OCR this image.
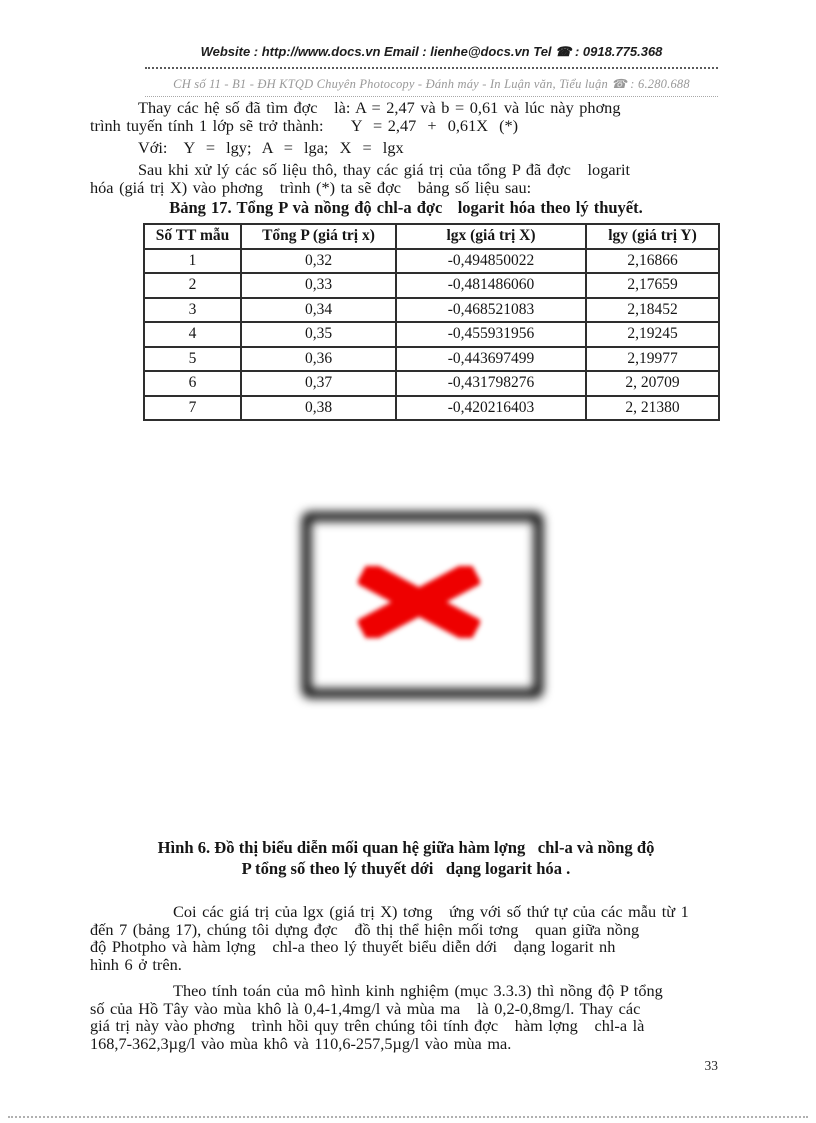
Website : http://www.docs.vn Email : lienhe@docs.vn Tel ☎ : 0918.775.368
CH số 11 - B1 - ĐH KTQD Chuyên Photocopy - Đánh máy - In Luận văn, Tiểu luận ☎ : 6.280.688
Thay các hệ số đã tìm đợc   là: A = 2,47 và b = 0,61 và lúc này phơng
trình tuyến tính 1 lớp sẽ trở thành:     Y  = 2,47  +  0,61X  (*)
Với:   Y  =  lgy;  A  =  lga;  X  =  lgx
Sau khi xử lý các số liệu thô, thay các giá trị của tổng P đã đợc   logarit
hóa (giá trị X) vào phơng   trình (*) ta sẽ đợc   bảng số liệu sau:
Bảng 17. Tổng P và nồng độ chl-a đợc   logarit hóa theo lý thuyết.
Số TT mẫu	Tổng P (giá trị x)	lgx (giá trị X)	lgy (giá trị Y)
1	0,32	-0,494850022	2,16866
2	0,33	-0,481486060	2,17659
3	0,34	-0,468521083	2,18452
4	0,35	-0,455931956	2,19245
5	0,36	-0,443697499	2,19977
6	0,37	-0,431798276	2, 20709
7	0,38	-0,420216403	2, 21380
Hình 6. Đồ thị biểu diễn mối quan hệ giữa hàm lợng   chl-a và nồng độ
P tổng số theo lý thuyết dới   dạng logarit hóa .
Coi các giá trị của lgx (giá trị X) tơng   ứng với số thứ tự của các mẫu từ 1
đến 7 (bảng 17), chúng tôi dựng đợc   đồ thị thể hiện mối tơng   quan giữa nồng
độ Photpho và hàm lợng   chl-a theo lý thuyết biểu diễn dới   dạng logarit nh
hình 6 ở trên.
Theo tính toán của mô hình kinh nghiệm (mục 3.3.3) thì nồng độ P tổng
số của Hồ Tây vào mùa khô là 0,4-1,4mg/l và mùa ma   là 0,2-0,8mg/l. Thay các
giá trị này vào phơng   trình hồi quy trên chúng tôi tính đợc   hàm lợng   chl-a là
168,7-362,3µg/l vào mùa khô và 110,6-257,5µg/l vào mùa ma.
33
